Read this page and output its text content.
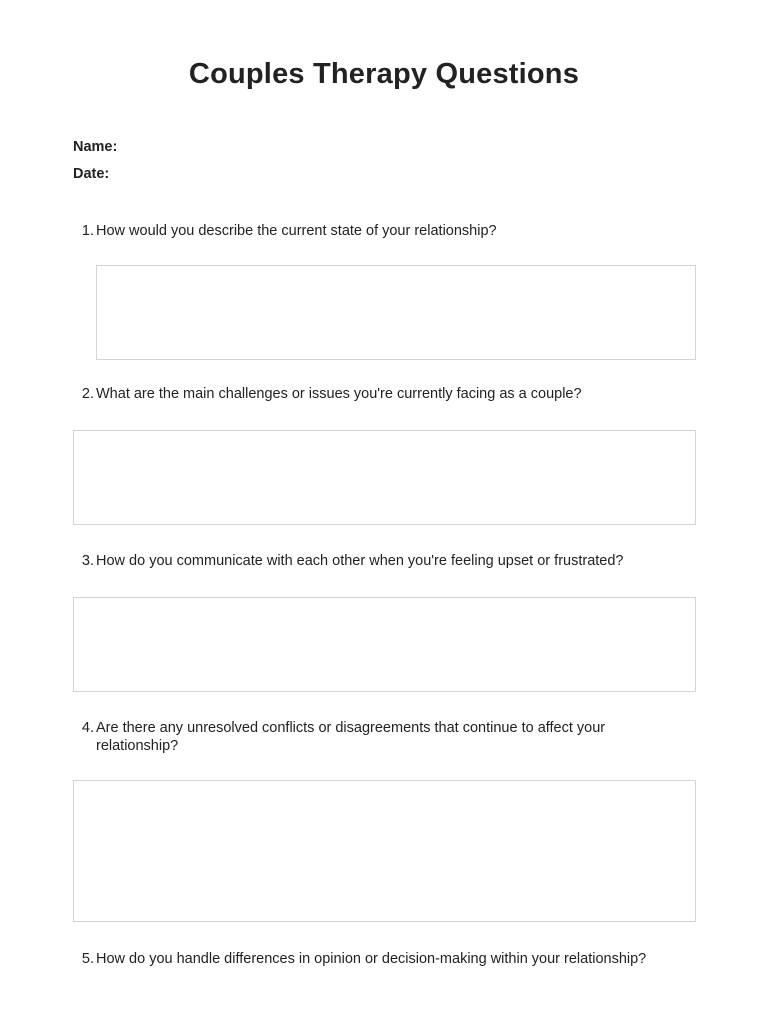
Couples Therapy Questions
Name:
Date:
1. How would you describe the current state of your relationship?
2. What are the main challenges or issues you're currently facing as a couple?
3. How do you communicate with each other when you're feeling upset or frustrated?
4. Are there any unresolved conflicts or disagreements that continue to affect your relationship?
5. How do you handle differences in opinion or decision-making within your relationship?
